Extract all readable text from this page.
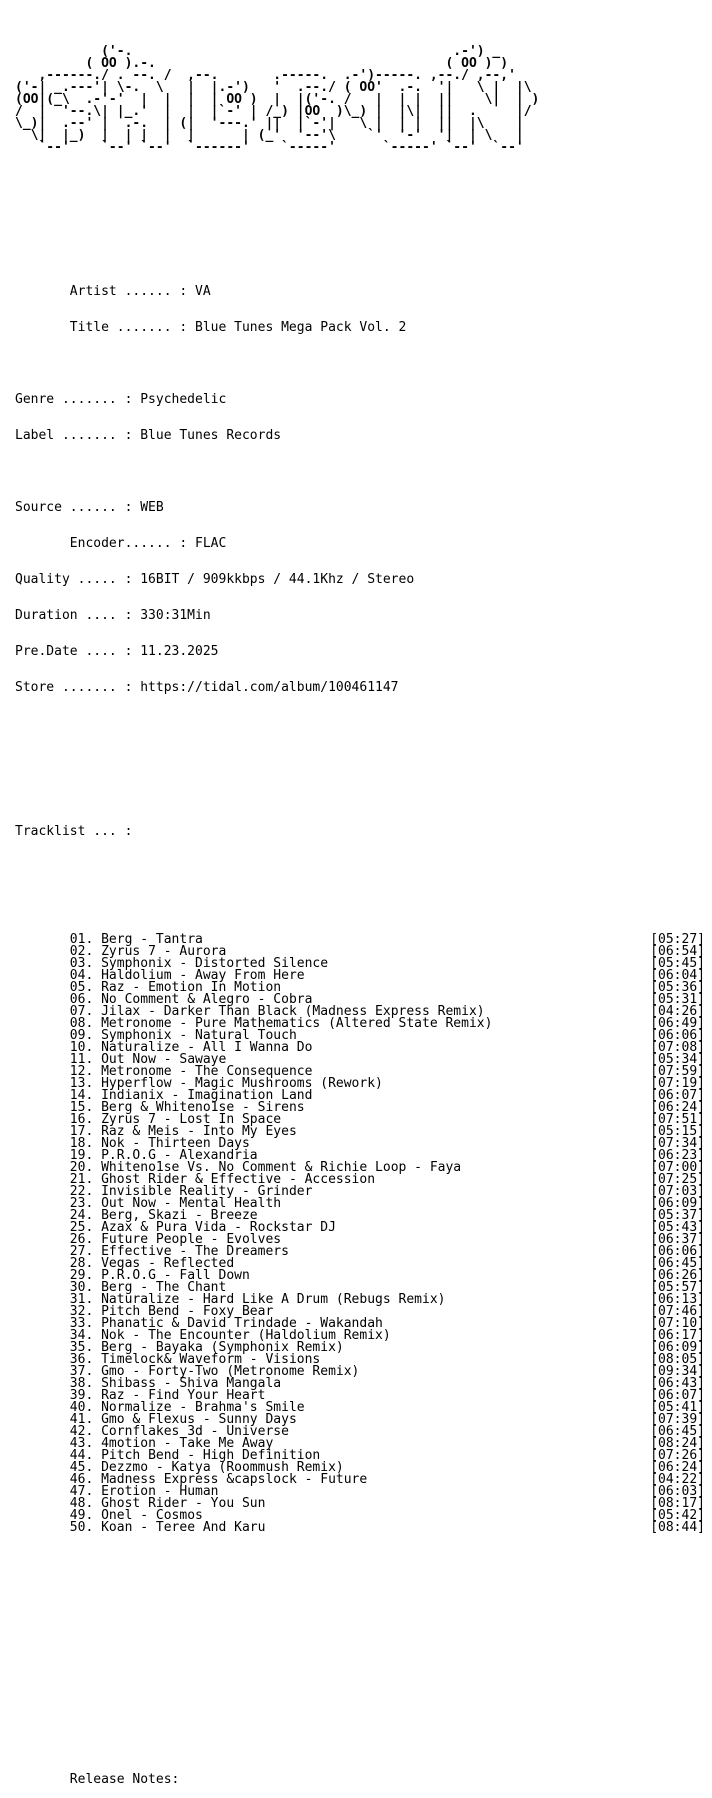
('-.                                         .-') _
( OO ).-.                                     ( OO ) )
,------./ . --. /  ,--.       .-----.  .-')-----. ,--./ ,--,'
('-| _.---'| \-.  \   |  |.-')   '  .--./ ( OO'  .-.  '|   \ |  |\
(OO|(_\  .-'-'  |  |  |  | OO )  |  |('-. /   |  | |  ||    \|  | )
/  |  '--.\| |_.'  |  |  |`-' | /_) |OO  )\_) |  |\|  ||  .     |/
\_)|  .--' |  .-.  | (|  '---.' ||  |`-'|   \ |  | |  ||  |\    |
\|  |_)  |  | |  |  |      | (_'  '--'\    `'  '-'  '|  | \   |
`--'    `--' `--'  `------'    `-----'      `-----' `--'  `--'

Artist ...... : VA

Title ....... : Blue Tunes Mega Pack Vol. 2

Genre ....... : Psychedelic

Label ....... : Blue Tunes Records

Source ...... : WEB

Encoder...... : FLAC

Quality ..... : 16BIT / 909kkbps / 44.1Khz / Stereo

Duration .... : 330:31Min

Pre.Date .... : 11.23.2025

Store ....... : https://tidal.com/album/100461147

Tracklist ... :

01. Berg - Tantra	[05:27]
02. Zyrus 7 - Aurora	[06:54]
03. Symphonix - Distorted Silence	[05:45]
04. Haldolium - Away From Here	[06:04]
05. Raz - Emotion In Motion	[05:36]
06. No Comment & Alegro - Cobra	[05:31]
07. Jilax - Darker Than Black (Madness Express Remix)	[04:26]
08. Metronome - Pure Mathematics (Altered State Remix)	[06:49]
09. Symphonix - Natural Touch	[06:06]
10. Naturalize - All I Wanna Do	[07:08]
11. Out Now - Sawaye	[05:34]
12. Metronome - The Consequence	[07:59]
13. Hyperflow - Magic Mushrooms (Rework)	[07:19]
14. Indianix - Imagination Land	[06:07]
15. Berg & Whiteno1se - Sirens	[06:24]
16. Zyrus 7 - Lost In Space	[07:51]
17. Raz & Meis - Into My Eyes	[05:15]
18. Nok - Thirteen Days	[07:34]
19. P.R.O.G - Alexandria	[06:23]
20. Whiteno1se Vs. No Comment & Richie Loop - Faya	[07:00]
21. Ghost Rider & Effective - Accession	[07:25]
22. Invisible Reality - Grinder	[07:03]
23. Out Now - Mental Health	[06:09]
24. Berg, Skazi - Breeze	[05:37]
25. Azax & Pura Vida - Rockstar DJ	[05:43]
26. Future People - Evolves	[06:37]
27. Effective - The Dreamers	[06:06]
28. Vegas - Reflected	[06:45]
29. P.R.O.G - Fall Down	[06:26]
30. Berg - The Chant	[05:57]
31. Naturalize - Hard Like A Drum (Rebugs Remix)	[06:13]
32. Pitch Bend - Foxy Bear	[07:46]
33. Phanatic & David Trindade - Wakandah	[07:10]
34. Nok - The Encounter (Haldolium Remix)	[06:17]
35. Berg - Bayaka (Symphonix Remix)	[06:09]
36. Timelock& Waveform - Visions	[08:05]
37. Gmo - Forty-Two (Metronome Remix)	[09:34]
38. Shibass - Shiva Mangala	[06:43]
39. Raz - Find Your Heart	[06:07]
40. Normalize - Brahma's Smile	[05:41]
41. Gmo & Flexus - Sunny Days	[07:39]
42. Cornflakes 3d - Universe	[06:45]
43. 4motion - Take Me Away	[08:24]
44. Pitch Bend - High Definition	[07:26]
45. Dezzmo - Katya (Roommush Remix)	[06:24]
46. Madness Express &capslock - Future	[04:22]
47. Erotion - Human	[06:03]
48. Ghost Rider - You Sun	[08:17]
49. Onel - Cosmos	[05:42]
50. Koan - Teree And Karu	[08:44]

Release Notes:
